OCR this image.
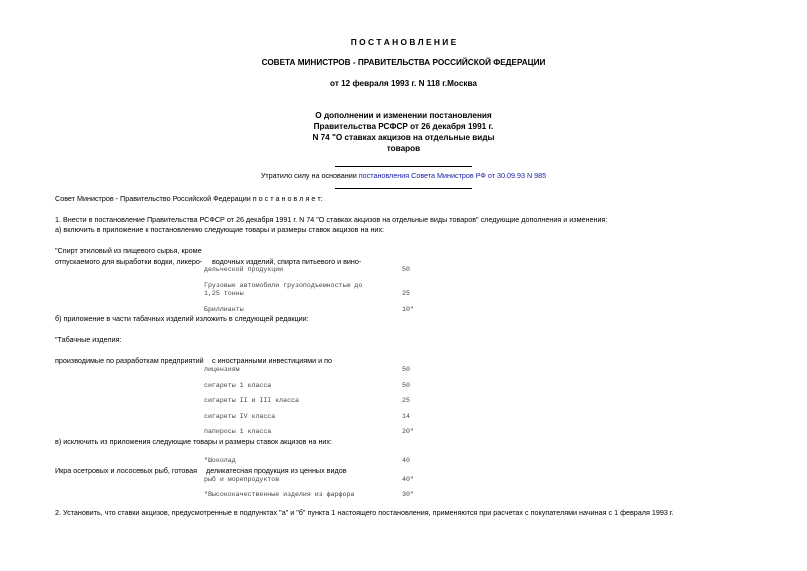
П О С Т А Н О В Л Е Н И Е
СОВЕТА МИНИСТРОВ - ПРАВИТЕЛЬСТВА РОССИЙСКОЙ ФЕДЕРАЦИИ
от 12 февраля 1993 г. N 118 г.Москва
О дополнении и изменении постановления
Правительства РСФСР от 26 декабря 1991 г.
N 74 "О ставках акцизов на отдельные виды
товаров
Утратило силу на основании постановления Совета Министров РФ от 30.09.93 N 985
Совет Министров - Правительство Российской Федерации п о с т а н о в л я е т:
1. Внести в постановление Правительства РСФСР от 26 декабря 1991 г. N 74 "О ставках акцизов на отдельные виды товаров" следующие дополнения и изменения:
а) включить в приложение к постановлению следующие товары и размеры ставок акцизов на них:
"Спирт этиловый из пищевого сырья, кроме
отпускаемого для выработки водки, ликеро- водочных изделий, спирта питьевого и вино-
дельческой продукции	50
Грузовые автомобили грузоподъемностью до
1,25 тонны	25
Бриллианты	10"
б) приложение в части табачных изделий изложить в следующей редакции:
"Табачные изделия:
производимые по разработкам предприятий с иностранными инвестициями и по
лицензиям	50
сигареты 1 класса	50
сигареты II и III класса	25
сигареты IV класса	14
папиросы 1 класса	20"
в) исключить из приложения следующие товары и размеры ставок акцизов на них:
"Шоколад	40
Икра осетровых и лососевых рыб, готовая деликатесная продукция из ценных видов
рыб и морепродуктов	40"
"Высококачественные изделия из фарфора	30"
2. Установить, что ставки акцизов, предусмотренные в подпунктах "а" и "б" пункта 1 настоящего постановления, применяются при расчетах с покупателями начиная с 1 февраля 1993 г.
